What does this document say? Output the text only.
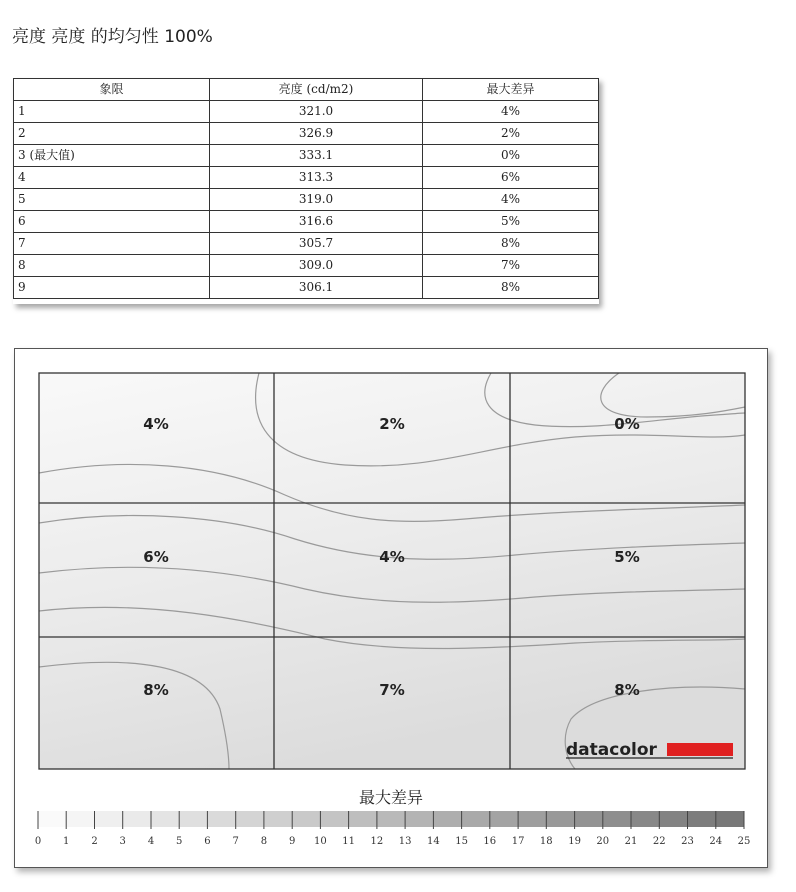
亮度 亮度 的均匀性 100%
象限	亮度 (cd/m2)	最大差异
1	321.0	4%
2	326.9	2%
3 (最大值)	333.1	0%
4	313.3	6%
5	319.0	4%
6	316.6	5%
7	305.7	8%
8	309.0	7%
9	306.1	8%
4%	2%	0%
6%	4%	5%
8%	7%	8%
datacolor
最大差异
0 1 2 3 4 5 6 7 8 9 10 11 12 13 14 15 16 17 18 19 20 21 22 23 24 25
